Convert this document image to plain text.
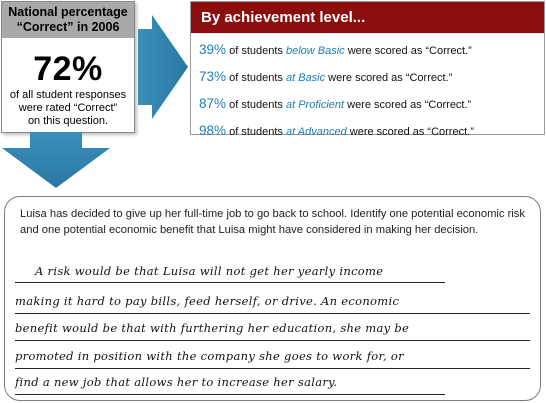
National percentage
“Correct” in 2006
72%
of all student responses
were rated “Correct”
on this question.
By achievement level...
39% of students below Basic were scored as “Correct.”
73% of students at Basic were scored as “Correct.”
87% of students at Proficient were scored as “Correct.”
98% of students at Advanced were scored as “Correct.”
Luisa has decided to give up her full-time job to go back to school. Identify one potential economic risk and one potential economic benefit that Luisa might have considered in making her decision.
A risk would be that Luisa will not get her yearly income
making it hard to pay bills, feed herself, or drive. An economic
benefit would be that with furthering her education, she may be
promoted in position with the company she goes to work for, or
find a new job that allows her to increase her salary.
